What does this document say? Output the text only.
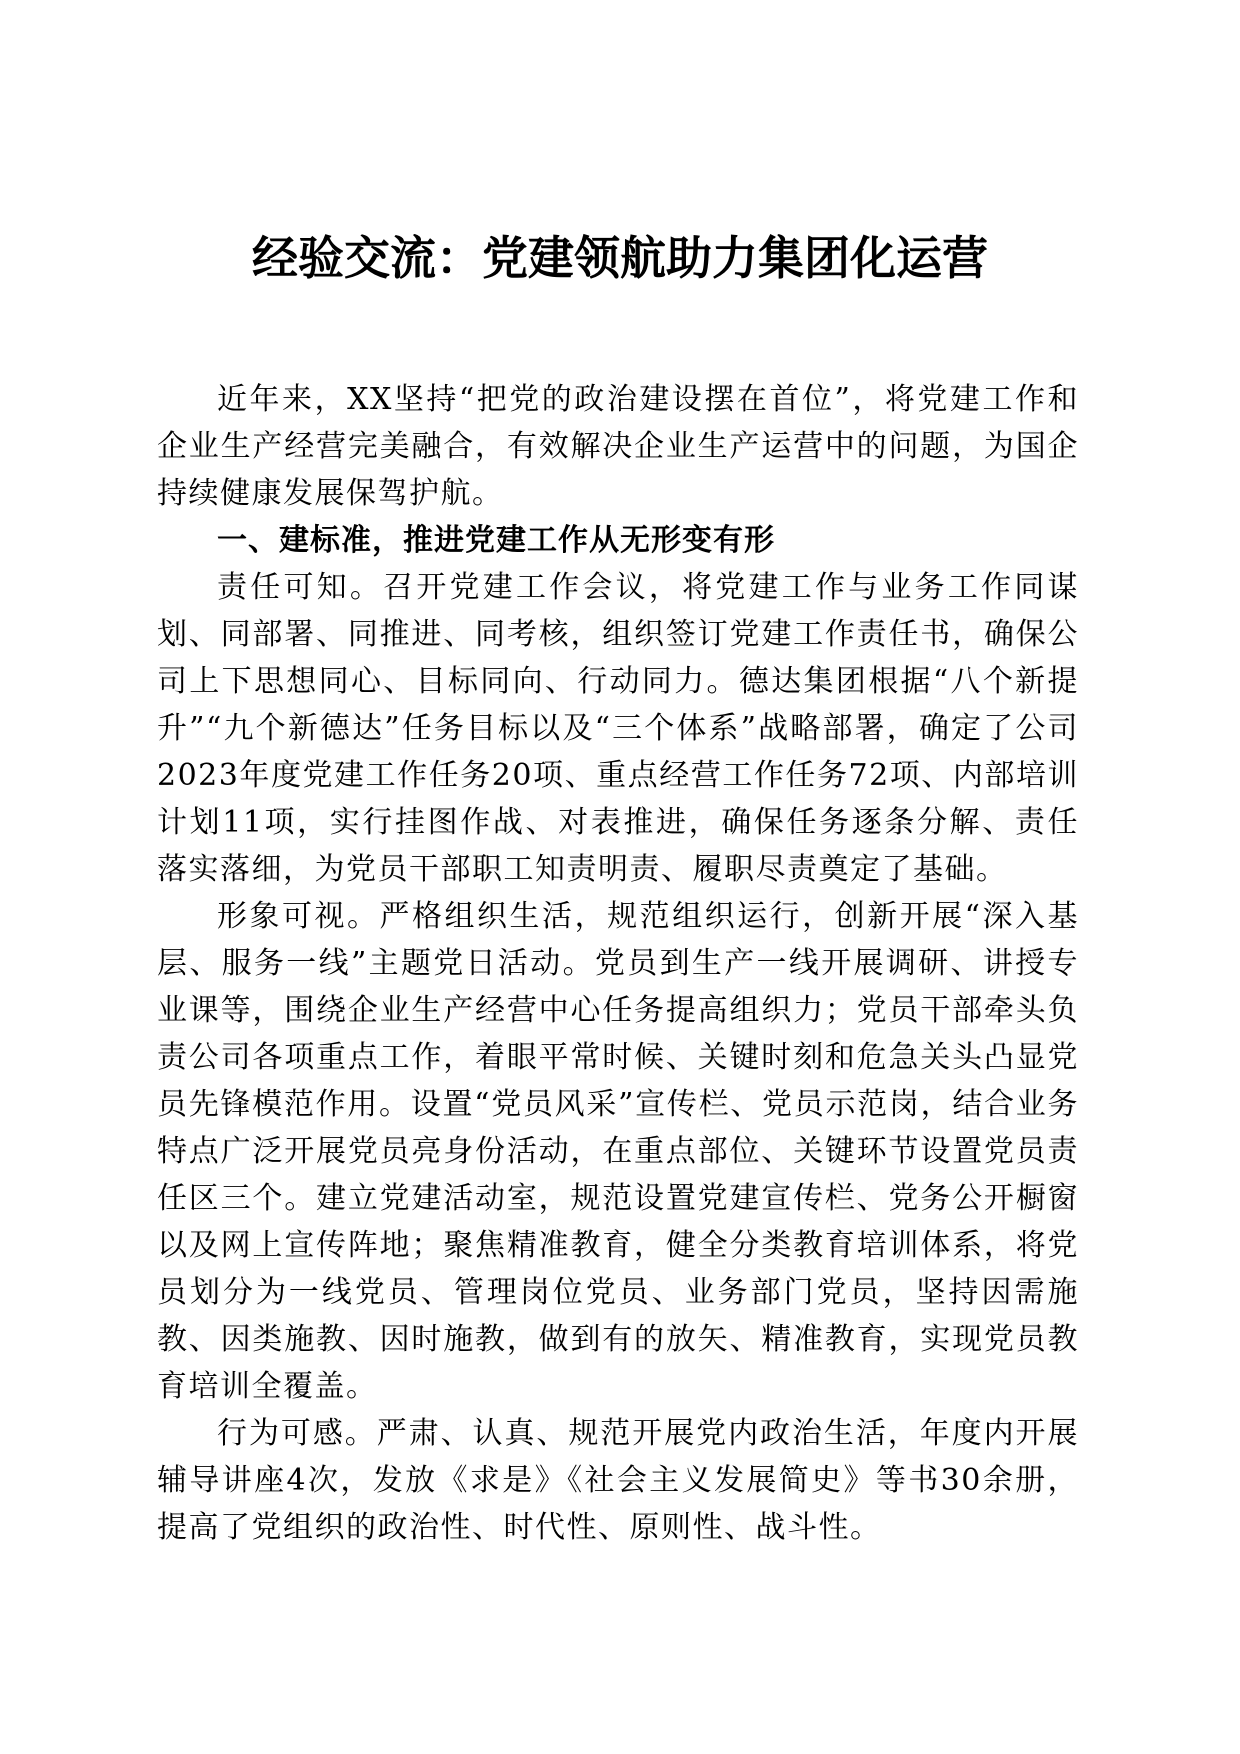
经验交流：党建领航助力集团化运营

近年来，XX坚持“把党的政治建设摆在首位”，将党建工作和企业生产经营完美融合，有效解决企业生产运营中的问题，为国企持续健康发展保驾护航。

一、建标准，推进党建工作从无形变有形

责任可知。召开党建工作会议，将党建工作与业务工作同谋划、同部署、同推进、同考核，组织签订党建工作责任书，确保公司上下思想同心、目标同向、行动同力。德达集团根据“八个新提升”“九个新德达”任务目标以及“三个体系”战略部署，确定了公司2023年度党建工作任务20项、重点经营工作任务72项、内部培训计划11项，实行挂图作战、对表推进，确保任务逐条分解、责任落实落细，为党员干部职工知责明责、履职尽责奠定了基础。

形象可视。严格组织生活，规范组织运行，创新开展“深入基层、服务一线”主题党日活动。党员到生产一线开展调研、讲授专业课等，围绕企业生产经营中心任务提高组织力；党员干部牵头负责公司各项重点工作，着眼平常时候、关键时刻和危急关头凸显党员先锋模范作用。设置“党员风采”宣传栏、党员示范岗，结合业务特点广泛开展党员亮身份活动，在重点部位、关键环节设置党员责任区三个。建立党建活动室，规范设置党建宣传栏、党务公开橱窗以及网上宣传阵地；聚焦精准教育，健全分类教育培训体系，将党员划分为一线党员、管理岗位党员、业务部门党员，坚持因需施教、因类施教、因时施教，做到有的放矢、精准教育，实现党员教育培训全覆盖。

行为可感。严肃、认真、规范开展党内政治生活，年度内开展辅导讲座4次，发放《求是》《社会主义发展简史》等书30余册，提高了党组织的政治性、时代性、原则性、战斗性。
